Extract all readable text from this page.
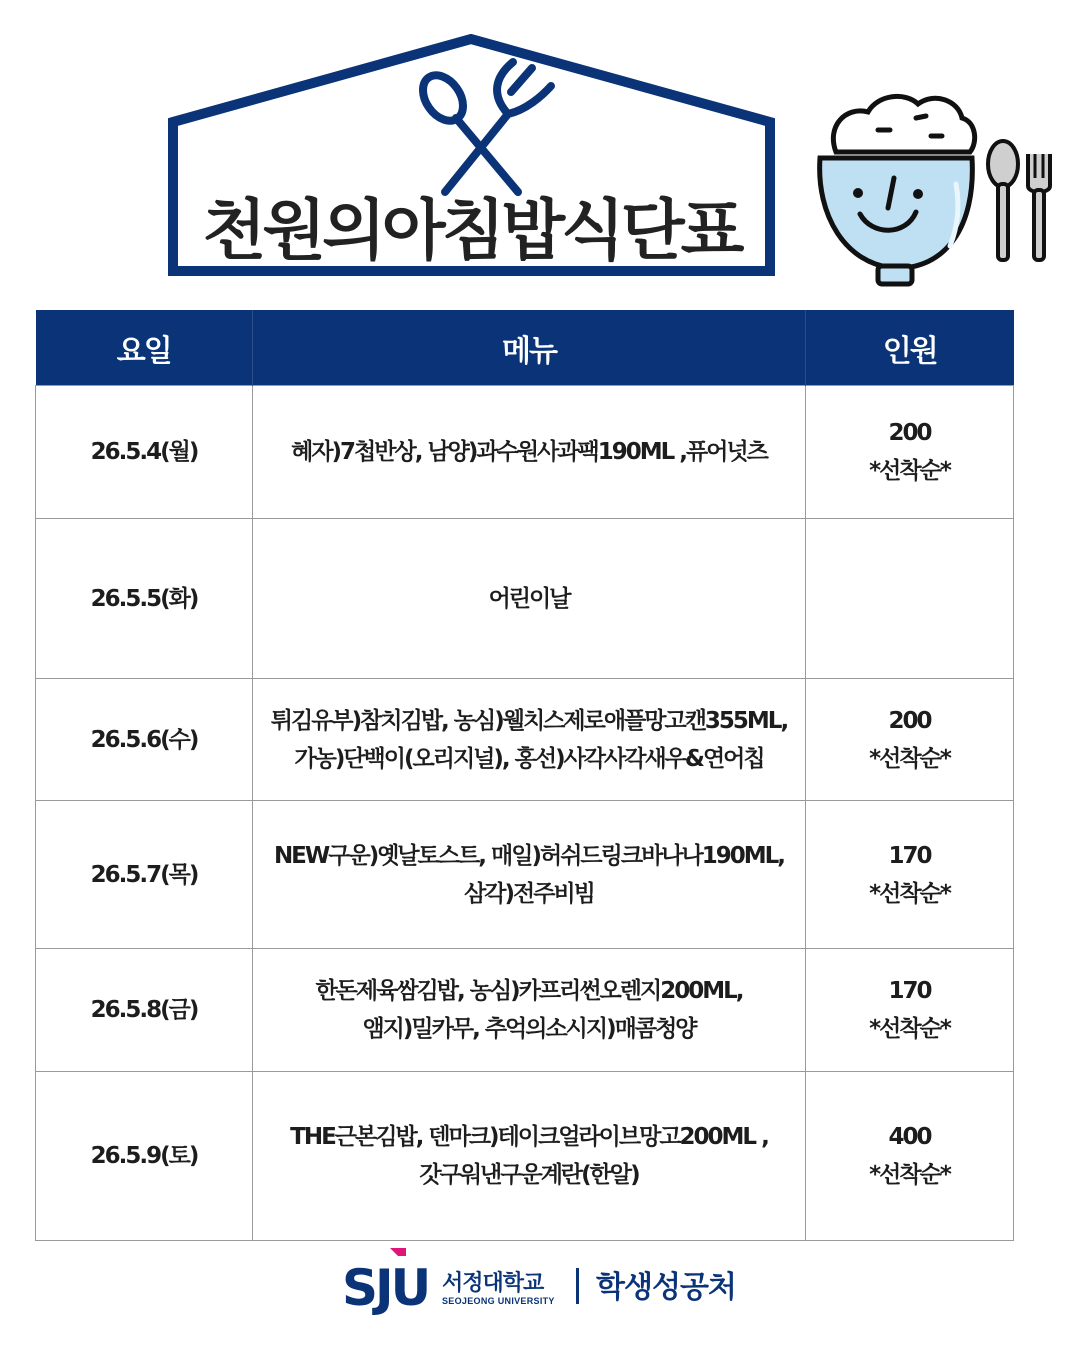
천원의아침밥식단표
요일	메뉴	인원
26.5.4(월)	혜자)7첩반상, 남양)과수원사과팩190ML ,퓨어넛츠	200
*선착순*

26.5.5(화)	어린이날	

26.5.6(수)	튀김유부)참치김밥, 농심)웰치스제로애플망고캔355ML,
가농)단백이(오리지널), 홍선)사각사각새우&연어칩	200
*선착순*

26.5.7(목)	NEW구운)옛날토스트, 매일)허쉬드링크바나나190ML,
삼각)전주비빔	170
*선착순*

26.5.8(금)	한돈제육쌈김밥, 농심)카프리썬오렌지200ML,
앰지)밀카무, 추억의소시지)매콤청양	170
*선착순*

26.5.9(토)	THE근본김밥, 덴마크)테이크얼라이브망고200ML ,
갓구워낸구운계란(한알)	400
*선착순*
SJU 서정대학교
SEOJEONG UNIVERSITY 학생성공처
